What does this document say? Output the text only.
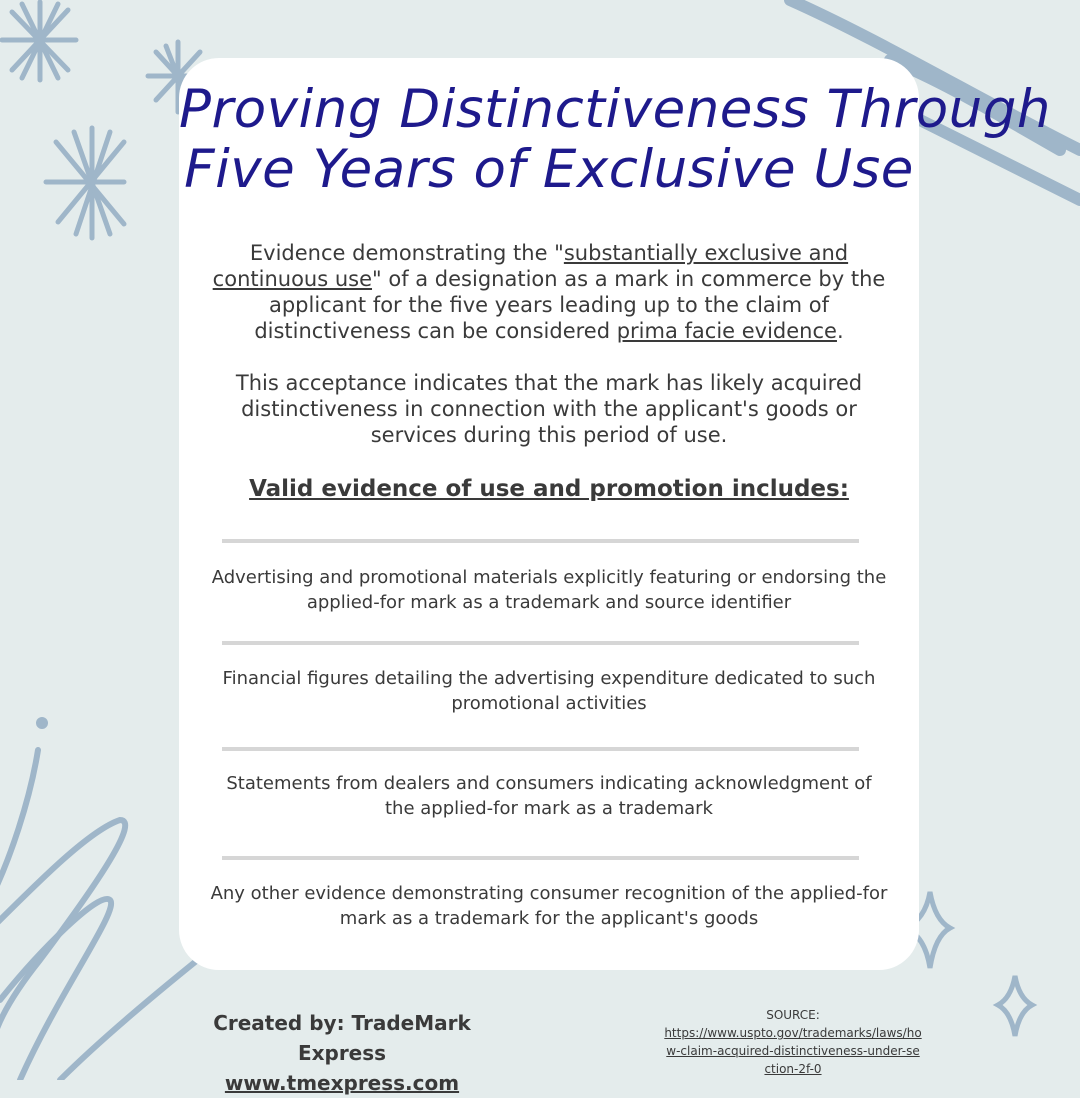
Proving Distinctiveness Through
Five Years of Exclusive Use
Evidence demonstrating the "substantially exclusive and continuous use" of a designation as a mark in commerce by the applicant for the five years leading up to the claim of distinctiveness can be considered prima facie evidence.
This acceptance indicates that the mark has likely acquired distinctiveness in connection with the applicant's goods or services during this period of use.
Valid evidence of use and promotion includes:
Advertising and promotional materials explicitly featuring or endorsing the applied-for mark as a trademark and source identifier
Financial figures detailing the advertising expenditure dedicated to such promotional activities
Statements from dealers and consumers indicating acknowledgment of the applied-for mark as a trademark
Any other evidence demonstrating consumer recognition of the applied-for mark as a trademark for the applicant's goods
Created by: TradeMark Express
www.tmexpress.com
SOURCE:
https://www.uspto.gov/trademarks/laws/how-claim-acquired-distinctiveness-under-section-2f-0
